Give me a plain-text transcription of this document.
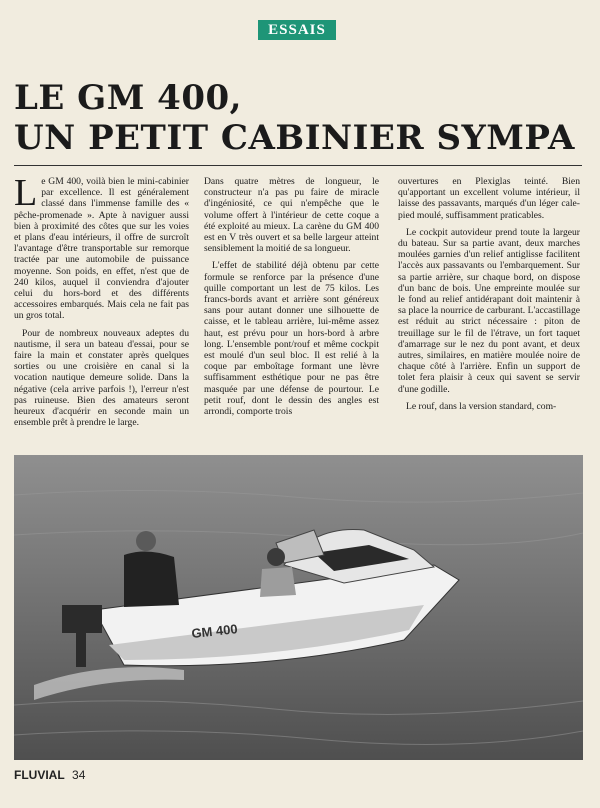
ESSAIS
LE GM 400,
UN PETIT CABINIER SYMPA

Le GM 400, voilà bien le mini-cabinier par excellence. Il est généralement classé dans l'immense famille des « pêche-promenade ». Apte à naviguer aussi bien à proximité des côtes que sur les voies et plans d'eau intérieurs, il offre de surcroît l'avantage d'être transportable sur remorque tractée par une automobile de puissance moyenne. Son poids, en effet, n'est que de 240 kilos, auquel il conviendra d'ajouter celui du hors-bord et des différents accessoires embarqués. Mais cela ne fait pas un gros total.

Pour de nombreux nouveaux adeptes du nautisme, il sera un bateau d'essai, pour se faire la main et constater après quelques sorties ou une croisière en canal si la vocation nautique demeure solide. Dans la négative (cela arrive parfois !), l'erreur n'est pas ruineuse. Bien des amateurs seront heureux d'acquérir en seconde main un ensemble prêt à prendre le large.

Dans quatre mètres de longueur, le constructeur n'a pas pu faire de miracle d'ingéniosité, ce qui n'empêche que le volume offert à l'intérieur de cette coque a été exploité au mieux. La carène du GM 400 est en V très ouvert et sa belle largeur atteint sensiblement la moitié de sa longueur.

L'effet de stabilité déjà obtenu par cette formule se renforce par la présence d'une quille comportant un lest de 75 kilos. Les francs-bords avant et arrière sont généreux sans pour autant donner une silhouette de caisse, et le tableau arrière, lui-même assez haut, est prévu pour un hors-bord à arbre long. L'ensemble pont/rouf et même cockpit est moulé d'un seul bloc. Il est relié à la coque par emboîtage formant une lèvre suffisamment esthétique pour ne pas être masquée par une défense de pourtour. Le petit rouf, dont le dessin des angles est arrondi, comporte trois

ouvertures en Plexiglas teinté. Bien qu'apportant un excellent volume intérieur, il laisse des passavants, marqués d'un léger cale-pied moulé, suffisamment praticables.

Le cockpit autovideur prend toute la largeur du bateau. Sur sa partie avant, deux marches moulées garnies d'un relief antiglisse facilitent l'accès aux passavants ou l'embarquement. Sur sa partie arrière, sur chaque bord, on dispose d'un banc de bois. Une empreinte moulée sur le fond au relief antidérapant doit maintenir à sa place la nourrice de carburant. L'accastillage est réduit au strict nécessaire : piton de treuillage sur le fil de l'étrave, un fort taquet d'amarrage sur le nez du pont avant, et deux autres, similaires, en matière moulée noire de chaque côté à l'arrière. Enfin un support de tolet fera plaisir à ceux qui savent se servir d'une godille.

Le rouf, dans la version standard, com-

GM 400
FLUVIAL 34
